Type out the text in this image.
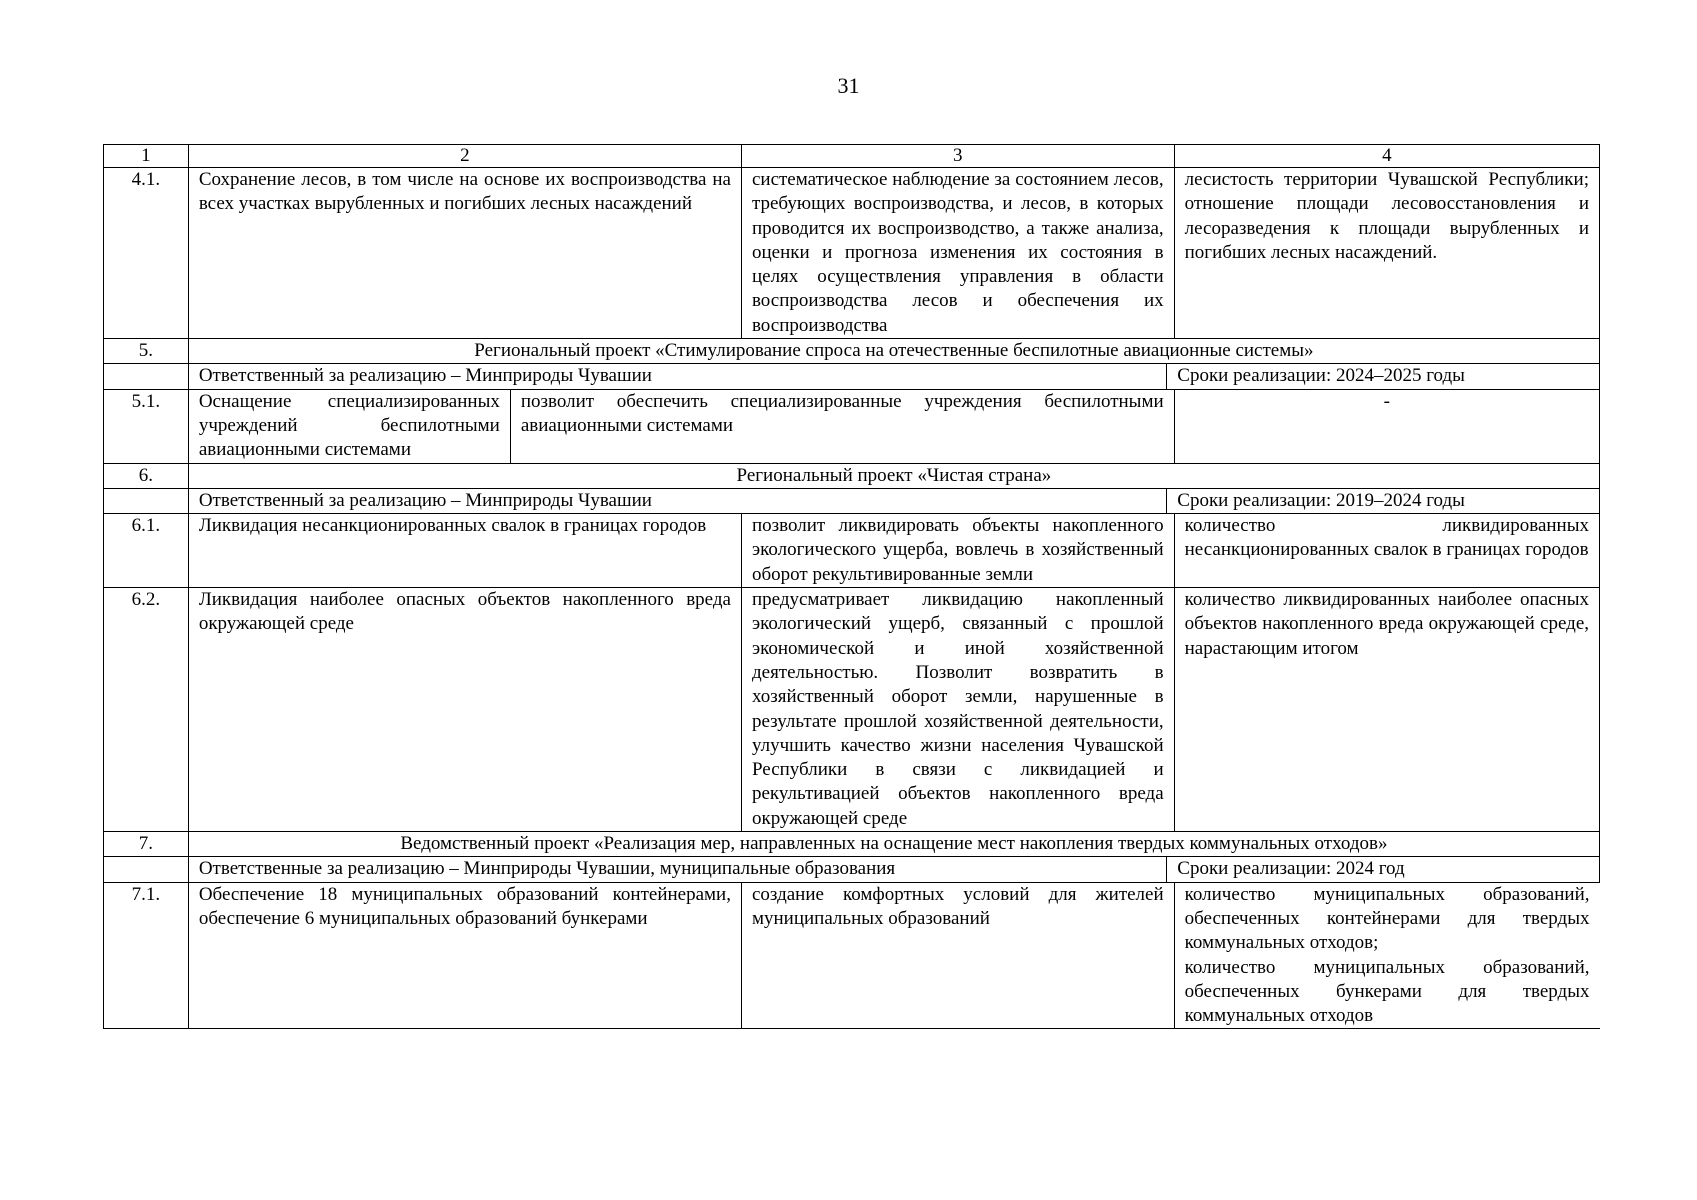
31
1	2		3		4
4.1.	Сохранение лесов, в том числе на основе их воспроизводства на всех участках вырубленных и погибших лесных насаждений		систематическое наблюдение за состоянием лесов, требующих воспроизводства, и лесов, в которых проводится их воспроизводство, а также анализа, оценки и прогноза изменения их состояния в целях осуществления управления в области воспроизводства лесов и обеспечения их воспроизводства		лесистость территории Чувашской Республики; отношение площади лесовосстановления и лесоразведения к площади вырубленных и погибших лесных насаждений.
5.	Региональный проект «Стимулирование спроса на отечественные беспилотные авиационные системы»				
	Ответственный за реализацию – Минприроды Чувашии			Сроки реализации: 2024–2025 годы	
5.1.	Оснащение специализированных учреждений беспилотными авиационными системами	позволит обеспечить специализированные учреждения беспилотными авиационными системами			-
6.	Региональный проект «Чистая страна»				
	Ответственный за реализацию – Минприроды Чувашии			Сроки реализации: 2019–2024 годы	
6.1.	Ликвидация несанкционированных свалок в границах городов		позволит ликвидировать объекты накопленного экологического ущерба, вовлечь в хозяйственный оборот рекультивированные земли		количество ликвидированных несанкционированных свалок в границах городов
6.2.	Ликвидация наиболее опасных объектов накопленного вреда окружающей среде		предусматривает ликвидацию накопленный экологический ущерб, связанный с прошлой экономической и иной хозяйственной деятельностью. Позволит возвратить в хозяйственный оборот земли, нарушенные в результате прошлой хозяйственной деятельности, улучшить качество жизни населения Чувашской Республики в связи с ликвидацией и рекультивацией объектов накопленного вреда окружающей среде		количество ликвидированных наиболее опасных объектов накопленного вреда окружающей среде, нарастающим итогом
7.	Ведомственный проект «Реализация мер, направленных на оснащение мест накопления твердых коммунальных отходов»				
	Ответственные за реализацию – Минприроды Чувашии, муниципальные образования			Сроки реализации: 2024 год	
7.1.	Обеспечение 18 муниципальных образований контейнерами, обеспечение 6 муниципальных образований бункерами		создание комфортных условий для жителей муниципальных образований		количество муниципальных образований, обеспеченных контейнерами для твердых коммунальных отходов;
количество муниципальных образований, обеспеченных бункерами для твердых коммунальных отходов
